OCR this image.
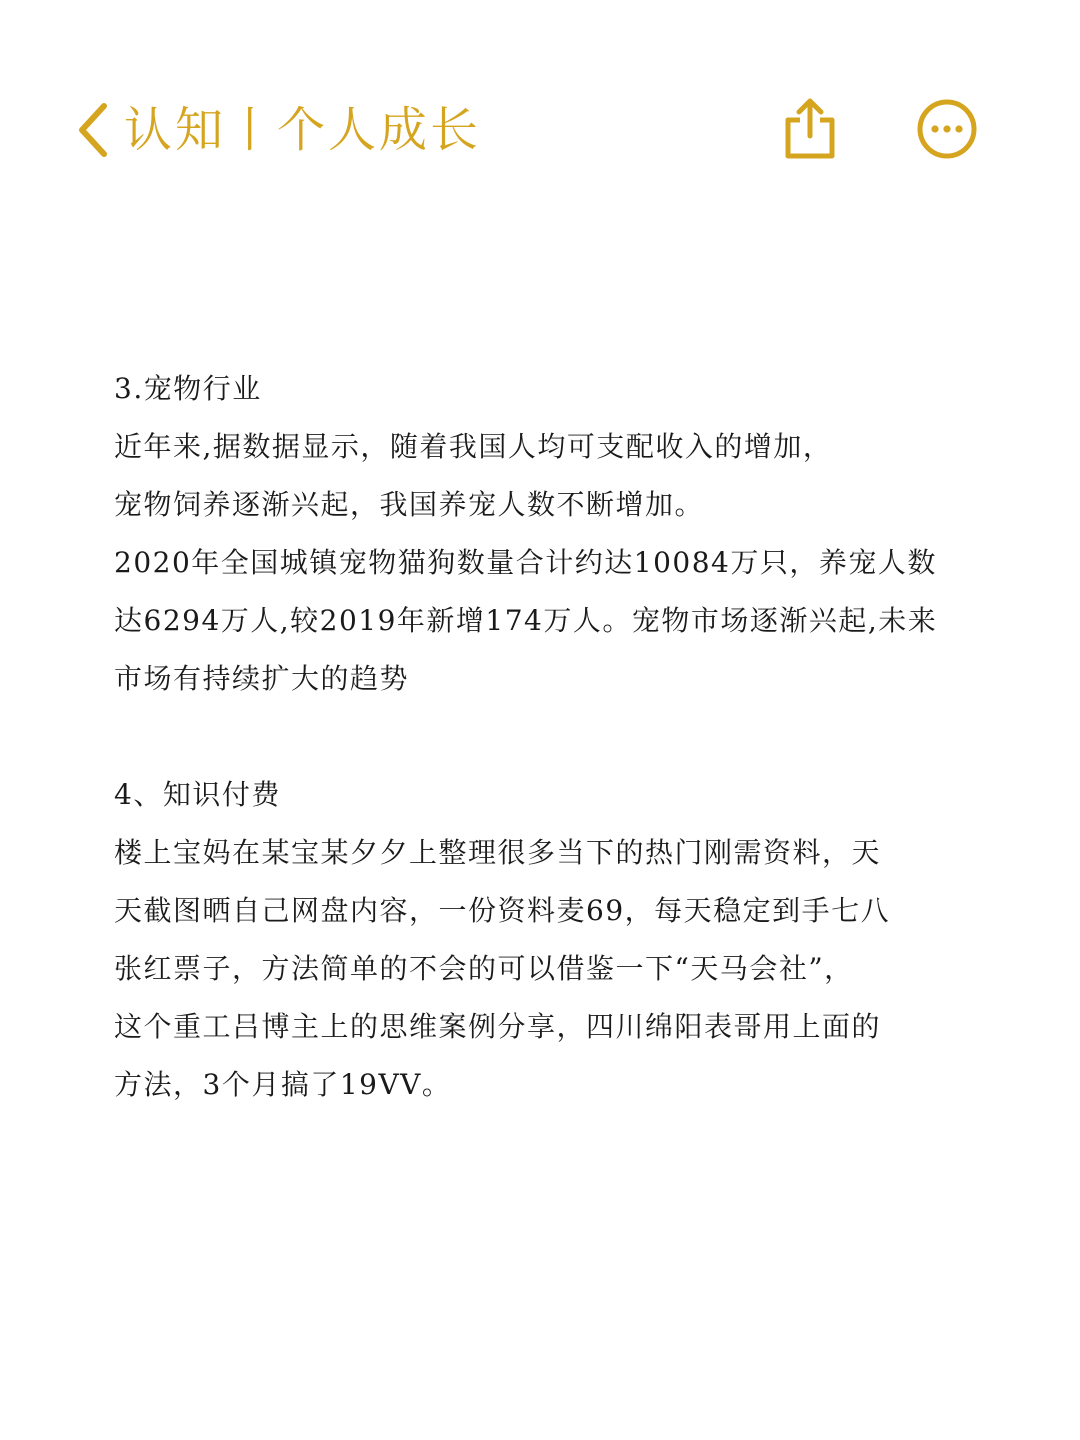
认知丨个人成长

3.宠物行业

近年来,据数据显示，随着我国人均可支配收入的增加，

宠物饲养逐渐兴起，我国养宠人数不断增加。

2020年全国城镇宠物猫狗数量合计约达10084万只，养宠人数

达6294万人,较2019年新增174万人。宠物市场逐渐兴起,未来

市场有持续扩大的趋势

4、知识付费

楼上宝妈在某宝某夕夕上整理很多当下的热门刚需资料，天

天截图晒自己网盘内容，一份资料麦69，每天稳定到手七八

张红票子，方法简单的不会的可以借鉴一下“天马会社”，

这个重工吕博主上的思维案例分享，四川绵阳表哥用上面的

方法，3个月搞了19VV。
